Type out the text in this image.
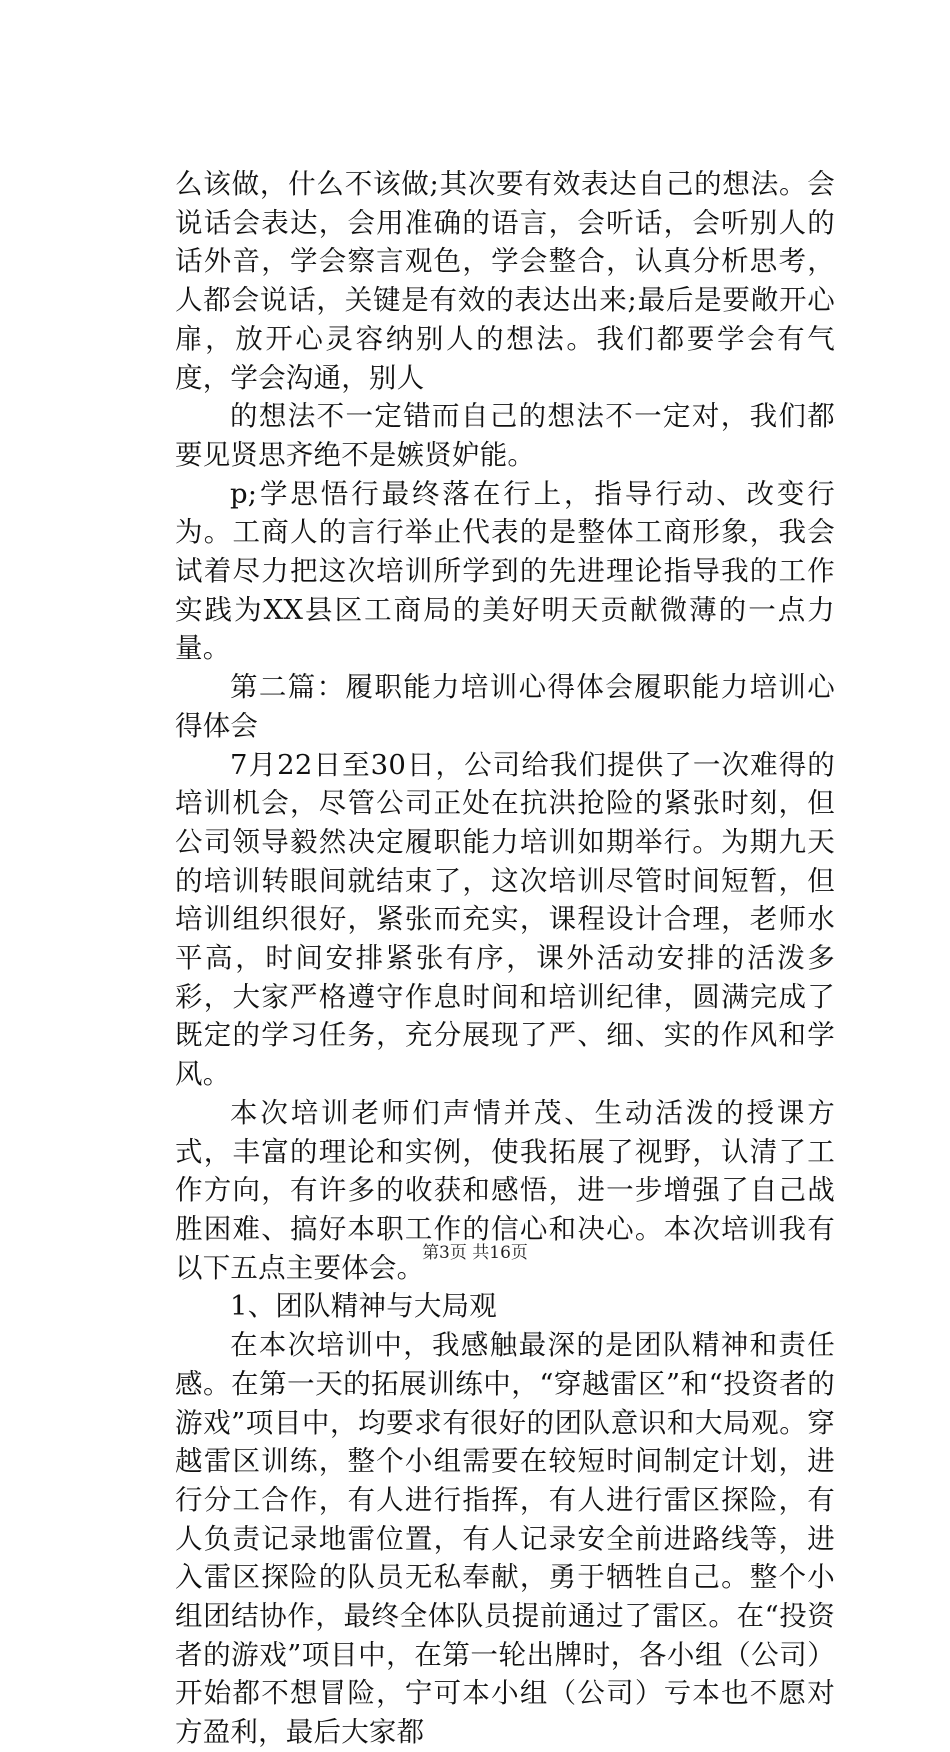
么该做，什么不该做;其次要有效表达自己的想法。会说话会表达，会用准确的语言，会听话，会听别人的话外音，学会察言观色，学会整合，认真分析思考，人都会说话，关键是有效的表达出来;最后是要敞开心扉，放开心灵容纳别人的想法。我们都要学会有气度，学会沟通，别人

的想法不一定错而自己的想法不一定对，我们都要见贤思齐绝不是嫉贤妒能。

p;学思悟行最终落在行上，指导行动、改变行为。工商人的言行举止代表的是整体工商形象，我会试着尽力把这次培训所学到的先进理论指导我的工作实践为XX县区工商局的美好明天贡献微薄的一点力量。

第二篇：履职能力培训心得体会履职能力培训心得体会

7月22日至30日，公司给我们提供了一次难得的培训机会，尽管公司正处在抗洪抢险的紧张时刻，但公司领导毅然决定履职能力培训如期举行。为期九天的培训转眼间就结束了，这次培训尽管时间短暂，但培训组织很好，紧张而充实，课程设计合理，老师水平高，时间安排紧张有序，课外活动安排的活泼多彩，大家严格遵守作息时间和培训纪律，圆满完成了既定的学习任务，充分展现了严、细、实的作风和学风。

本次培训老师们声情并茂、生动活泼的授课方式，丰富的理论和实例，使我拓展了视野，认清了工作方向，有许多的收获和感悟，进一步增强了自己战胜困难、搞好本职工作的信心和决心。本次培训我有以下五点主要体会。

1、团队精神与大局观

在本次培训中，我感触最深的是团队精神和责任感。在第一天的拓展训练中，“穿越雷区”和“投资者的游戏”项目中，均要求有很好的团队意识和大局观。穿越雷区训练，整个小组需要在较短时间制定计划，进行分工合作，有人进行指挥，有人进行雷区探险，有人负责记录地雷位置，有人记录安全前进路线等，进入雷区探险的队员无私奉献，勇于牺牲自己。整个小组团结协作，最终全体队员提前通过了雷区。在“投资者的游戏”项目中，在第一轮出牌时，各小组（公司）开始都不想冒险，宁可本小组（公司）亏本也不愿对方盈利，最后大家都

第3页 共16页
